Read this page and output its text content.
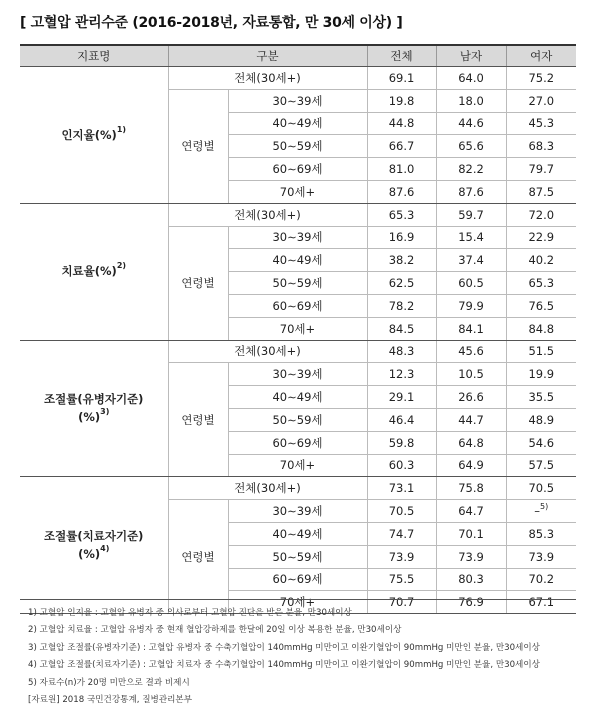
[ 고혈압 관리수준 (2016-2018년, 자료통합, 만 30세 이상) ]
지표명	구분		전체	남자	여자
인지율(%)$^{1)}$	전체(30세+)		69.1	64.0	75.2
	연령별	30∼39세	19.8	18.0	27.0
		40∼49세	44.8	44.6	45.3
		50∼59세	66.7	65.6	68.3
		60∼69세	81.0	82.2	79.7
		70세+	87.6	87.6	87.5
치료율(%)$^{2)}$	전체(30세+)		65.3	59.7	72.0
	연령별	30∼39세	16.9	15.4	22.9
		40∼49세	38.2	37.4	40.2
		50∼59세	62.5	60.5	65.3
		60∼69세	78.2	79.9	76.5
		70세+	84.5	84.1	84.8
조절률(유병자기준)
(%)$^{3)}$	전체(30세+)		48.3	45.6	51.5
	연령별	30∼39세	12.3	10.5	19.9
		40∼49세	29.1	26.6	35.5
		50∼59세	46.4	44.7	48.9
		60∼69세	59.8	64.8	54.6
		70세+	60.3	64.9	57.5
조절률(치료자기준)
(%)$^{4)}$	전체(30세+)		73.1	75.8	70.5
	연령별	30∼39세	70.5	64.7	–$^{5)}$
		40∼49세	74.7	70.1	85.3
		50∼59세	73.9	73.9	73.9
		60∼69세	75.5	80.3	70.2
		70세+	70.7	76.9	67.1
1) 고혈압 인지율 : 고혈압 유병자 중 의사로부터 고혈압 진단을 받은 분율, 만30세이상
2) 고혈압 치료율 : 고혈압 유병자 중 현재 혈압강하제를 한달에 20일 이상 복용한 분율, 만30세이상
3) 고혈압 조절률(유병자기준) : 고혈압 유병자 중 수축기혈압이 140mmHg 미만이고 이완기혈압이 90mmHg 미만인 분율, 만30세이상
4) 고혈압 조절률(치료자기준) : 고혈압 치료자 중 수축기혈압이 140mmHg 미만이고 이완기혈압이 90mmHg 미만인 분율, 만30세이상
5) 자료수(n)가 20명 미만으로 결과 비제시
[자료원] 2018 국민건강통계, 질병관리본부
